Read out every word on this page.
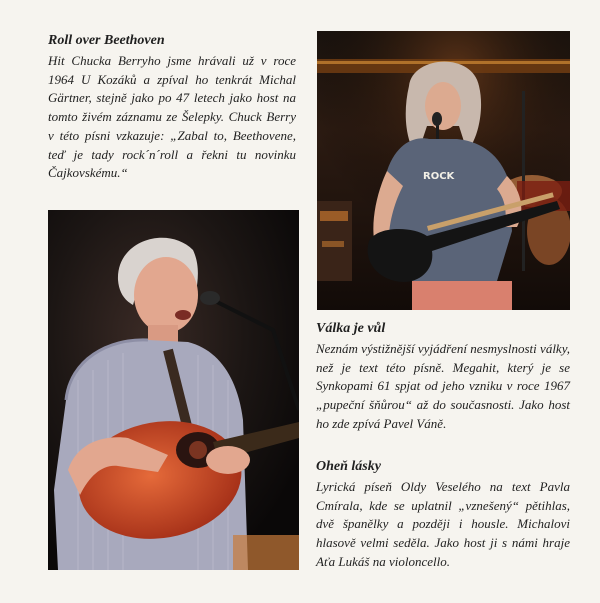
Roll over Beethoven

Hit Chucka Berryho jsme hrávali už v roce 1964 U Kozáků a zpíval ho tenkrát Michal Gärtner, stejně jako po 47 letech jako host na tomto živém záznamu ze Šelepky. Chuck Berry v této písni vzkazuje: „Zabal to, Beethovene, teď je tady rock´n´roll a řekni tu novinku Čajkovskému.“	ROCK
Válka je vůl

Neznám výstižnější vyjádření nesmyslnosti války, než je text této písně. Megahit, který je se Synkopami 61 spjat od jeho vzniku v roce 1967 „pupeční šňůrou“ až do současnosti. Jako host ho zde zpívá Pavel Váně.

Oheň lásky

Lyrická píseň Oldy Veselého na text Pavla Cmírala, kde se uplatnil „vznešený“ pětihlas, dvě španělky a později i housle. Michalovi hlasově velmi seděla. Jako host ji s námi hraje Aťa Lukáš na violoncello.
